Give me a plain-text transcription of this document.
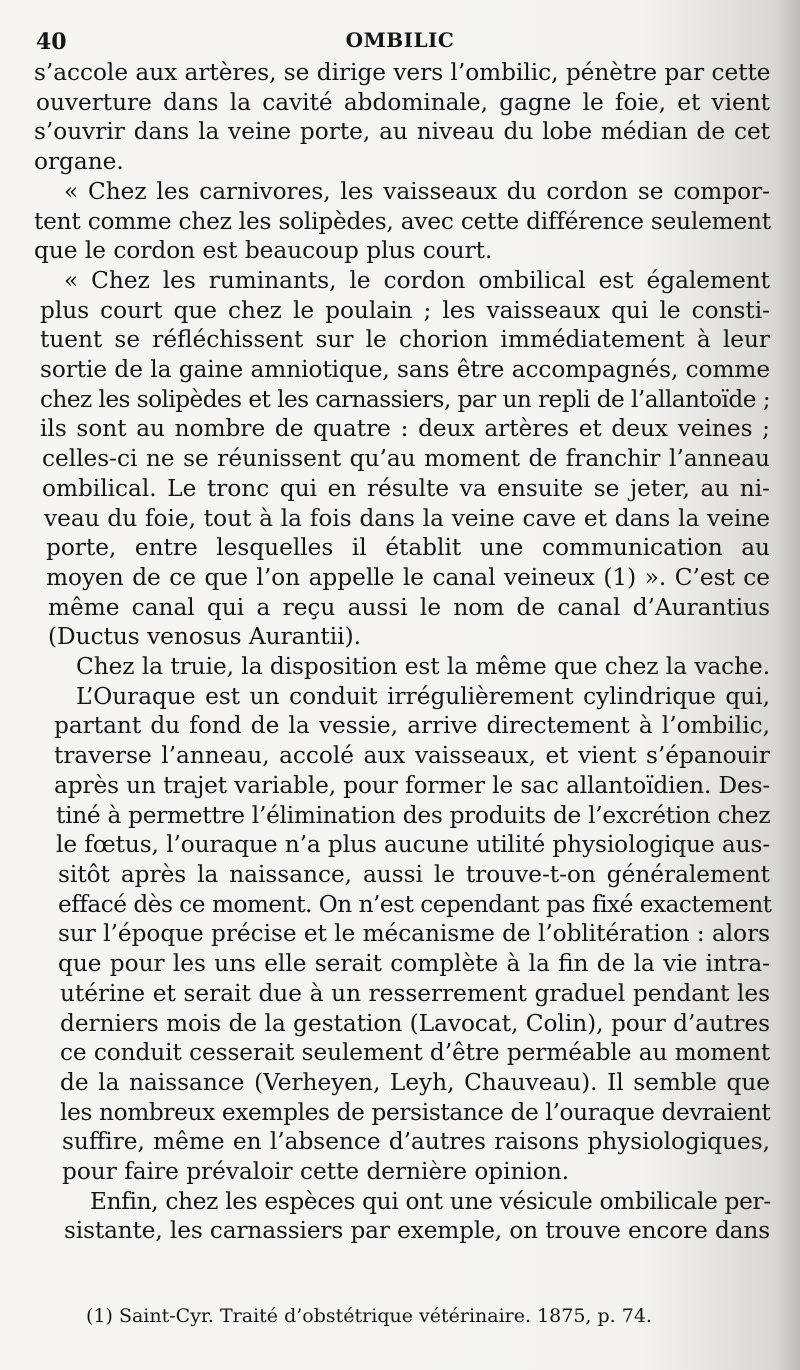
40	OMBILIC
s’accole aux artères, se dirige vers l’ombilic, pénètre par cette
ouverture dans la cavité abdominale, gagne le foie, et vient
s’ouvrir dans la veine porte, au niveau du lobe médian de cet
organe.
« Chez les carnivores, les vaisseaux du cordon se compor-
tent comme chez les solipèdes, avec cette différence seulement
que le cordon est beaucoup plus court.
« Chez les ruminants, le cordon ombilical est également
plus court que chez le poulain ; les vaisseaux qui le consti-
tuent se réfléchissent sur le chorion immédiatement à leur
sortie de la gaine amniotique, sans être accompagnés, comme
chez les solipèdes et les carnassiers, par un repli de l’allantoïde ;
ils sont au nombre de quatre : deux artères et deux veines ;
celles-ci ne se réunissent qu’au moment de franchir l’anneau
ombilical. Le tronc qui en résulte va ensuite se jeter, au ni-
veau du foie, tout à la fois dans la veine cave et dans la veine
porte, entre lesquelles il établit une communication au
moyen de ce que l’on appelle le canal veineux (1) ». C’est ce
même canal qui a reçu aussi le nom de canal d’Aurantius
(Ductus venosus Aurantii).
Chez la truie, la disposition est la même que chez la vache.
L’Ouraque est un conduit irrégulièrement cylindrique qui,
partant du fond de la vessie, arrive directement à l’ombilic,
traverse l’anneau, accolé aux vaisseaux, et vient s’épanouir
après un trajet variable, pour former le sac allantoïdien. Des-
tiné à permettre l’élimination des produits de l’excrétion chez
le fœtus, l’ouraque n’a plus aucune utilité physiologique aus-
sitôt après la naissance, aussi le trouve-t-on généralement
effacé dès ce moment. On n’est cependant pas fixé exactement
sur l’époque précise et le mécanisme de l’oblitération : alors
que pour les uns elle serait complète à la fin de la vie intra-
utérine et serait due à un resserrement graduel pendant les
derniers mois de la gestation (Lavocat, Colin), pour d’autres
ce conduit cesserait seulement d’être perméable au moment
de la naissance (Verheyen, Leyh, Chauveau). Il semble que
les nombreux exemples de persistance de l’ouraque devraient
suffire, même en l’absence d’autres raisons physiologiques,
pour faire prévaloir cette dernière opinion.
Enfin, chez les espèces qui ont une vésicule ombilicale per-
sistante, les carnassiers par exemple, on trouve encore dans
(1) Saint-Cyr. Traité d’obstétrique vétérinaire. 1875, p. 74.
